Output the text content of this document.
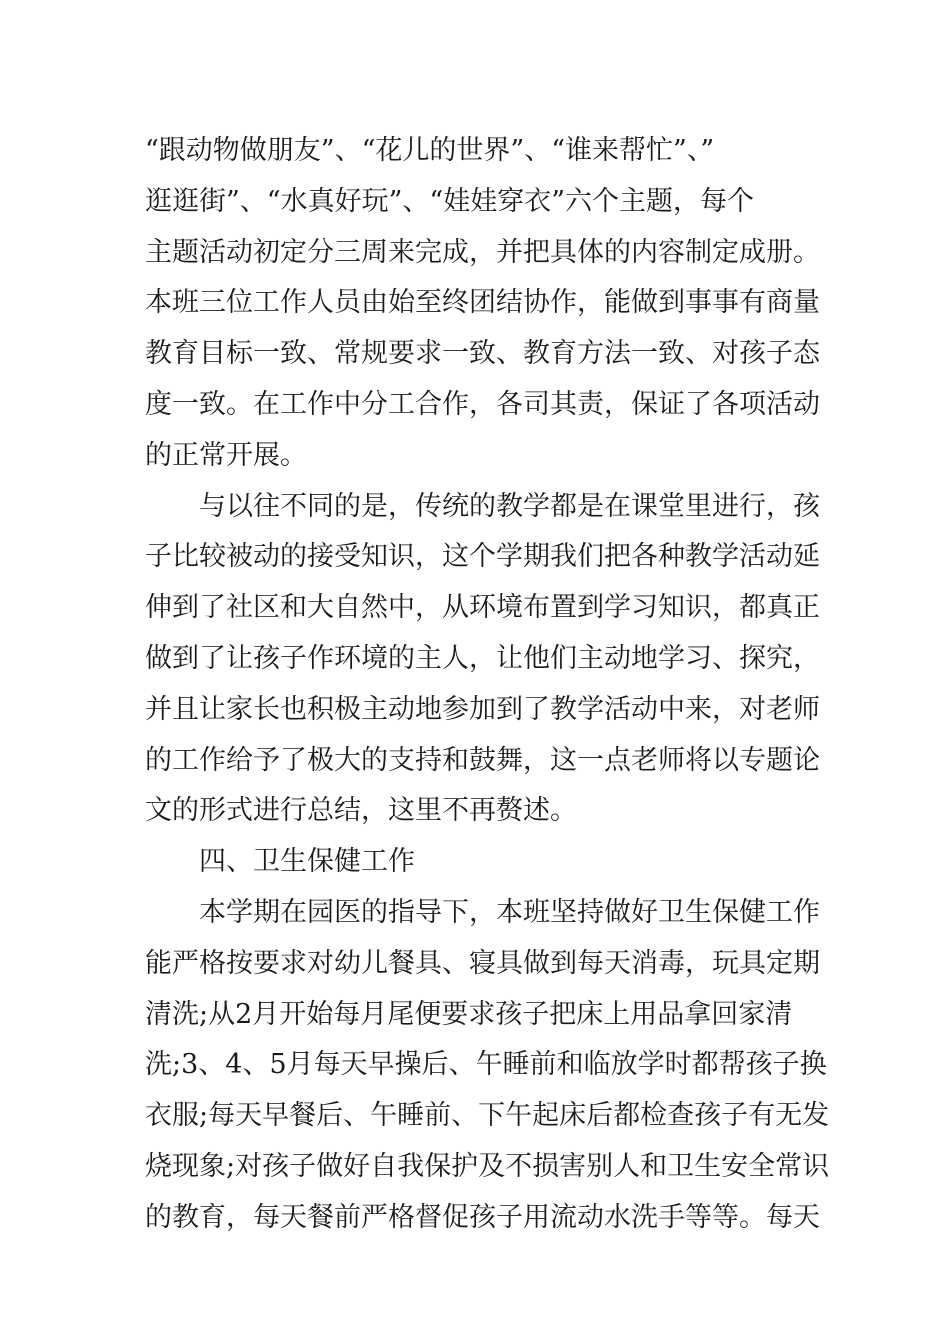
“跟动物做朋友”、“花儿的世界”、“谁来帮忙”、”
逛逛街”、“水真好玩”、“娃娃穿衣”六个主题，每个
主题活动初定分三周来完成，并把具体的内容制定成册。
本班三位工作人员由始至终团结协作，能做到事事有商量
教育目标一致、常规要求一致、教育方法一致、对孩子态
度一致。在工作中分工合作，各司其责，保证了各项活动
的正常开展。
与以往不同的是，传统的教学都是在课堂里进行，孩
子比较被动的接受知识，这个学期我们把各种教学活动延
伸到了社区和大自然中，从环境布置到学习知识，都真正
做到了让孩子作环境的主人，让他们主动地学习、探究，
并且让家长也积极主动地参加到了教学活动中来，对老师
的工作给予了极大的支持和鼓舞，这一点老师将以专题论
文的形式进行总结，这里不再赘述。
四、卫生保健工作
本学期在园医的指导下，本班坚持做好卫生保健工作
能严格按要求对幼儿餐具、寝具做到每天消毒，玩具定期
清洗;从2月开始每月尾便要求孩子把床上用品拿回家清
洗;3、4、5月每天早操后、午睡前和临放学时都帮孩子换
衣服;每天早餐后、午睡前、下午起床后都检查孩子有无发
烧现象;对孩子做好自我保护及不损害别人和卫生安全常识
的教育，每天餐前严格督促孩子用流动水洗手等等。每天
